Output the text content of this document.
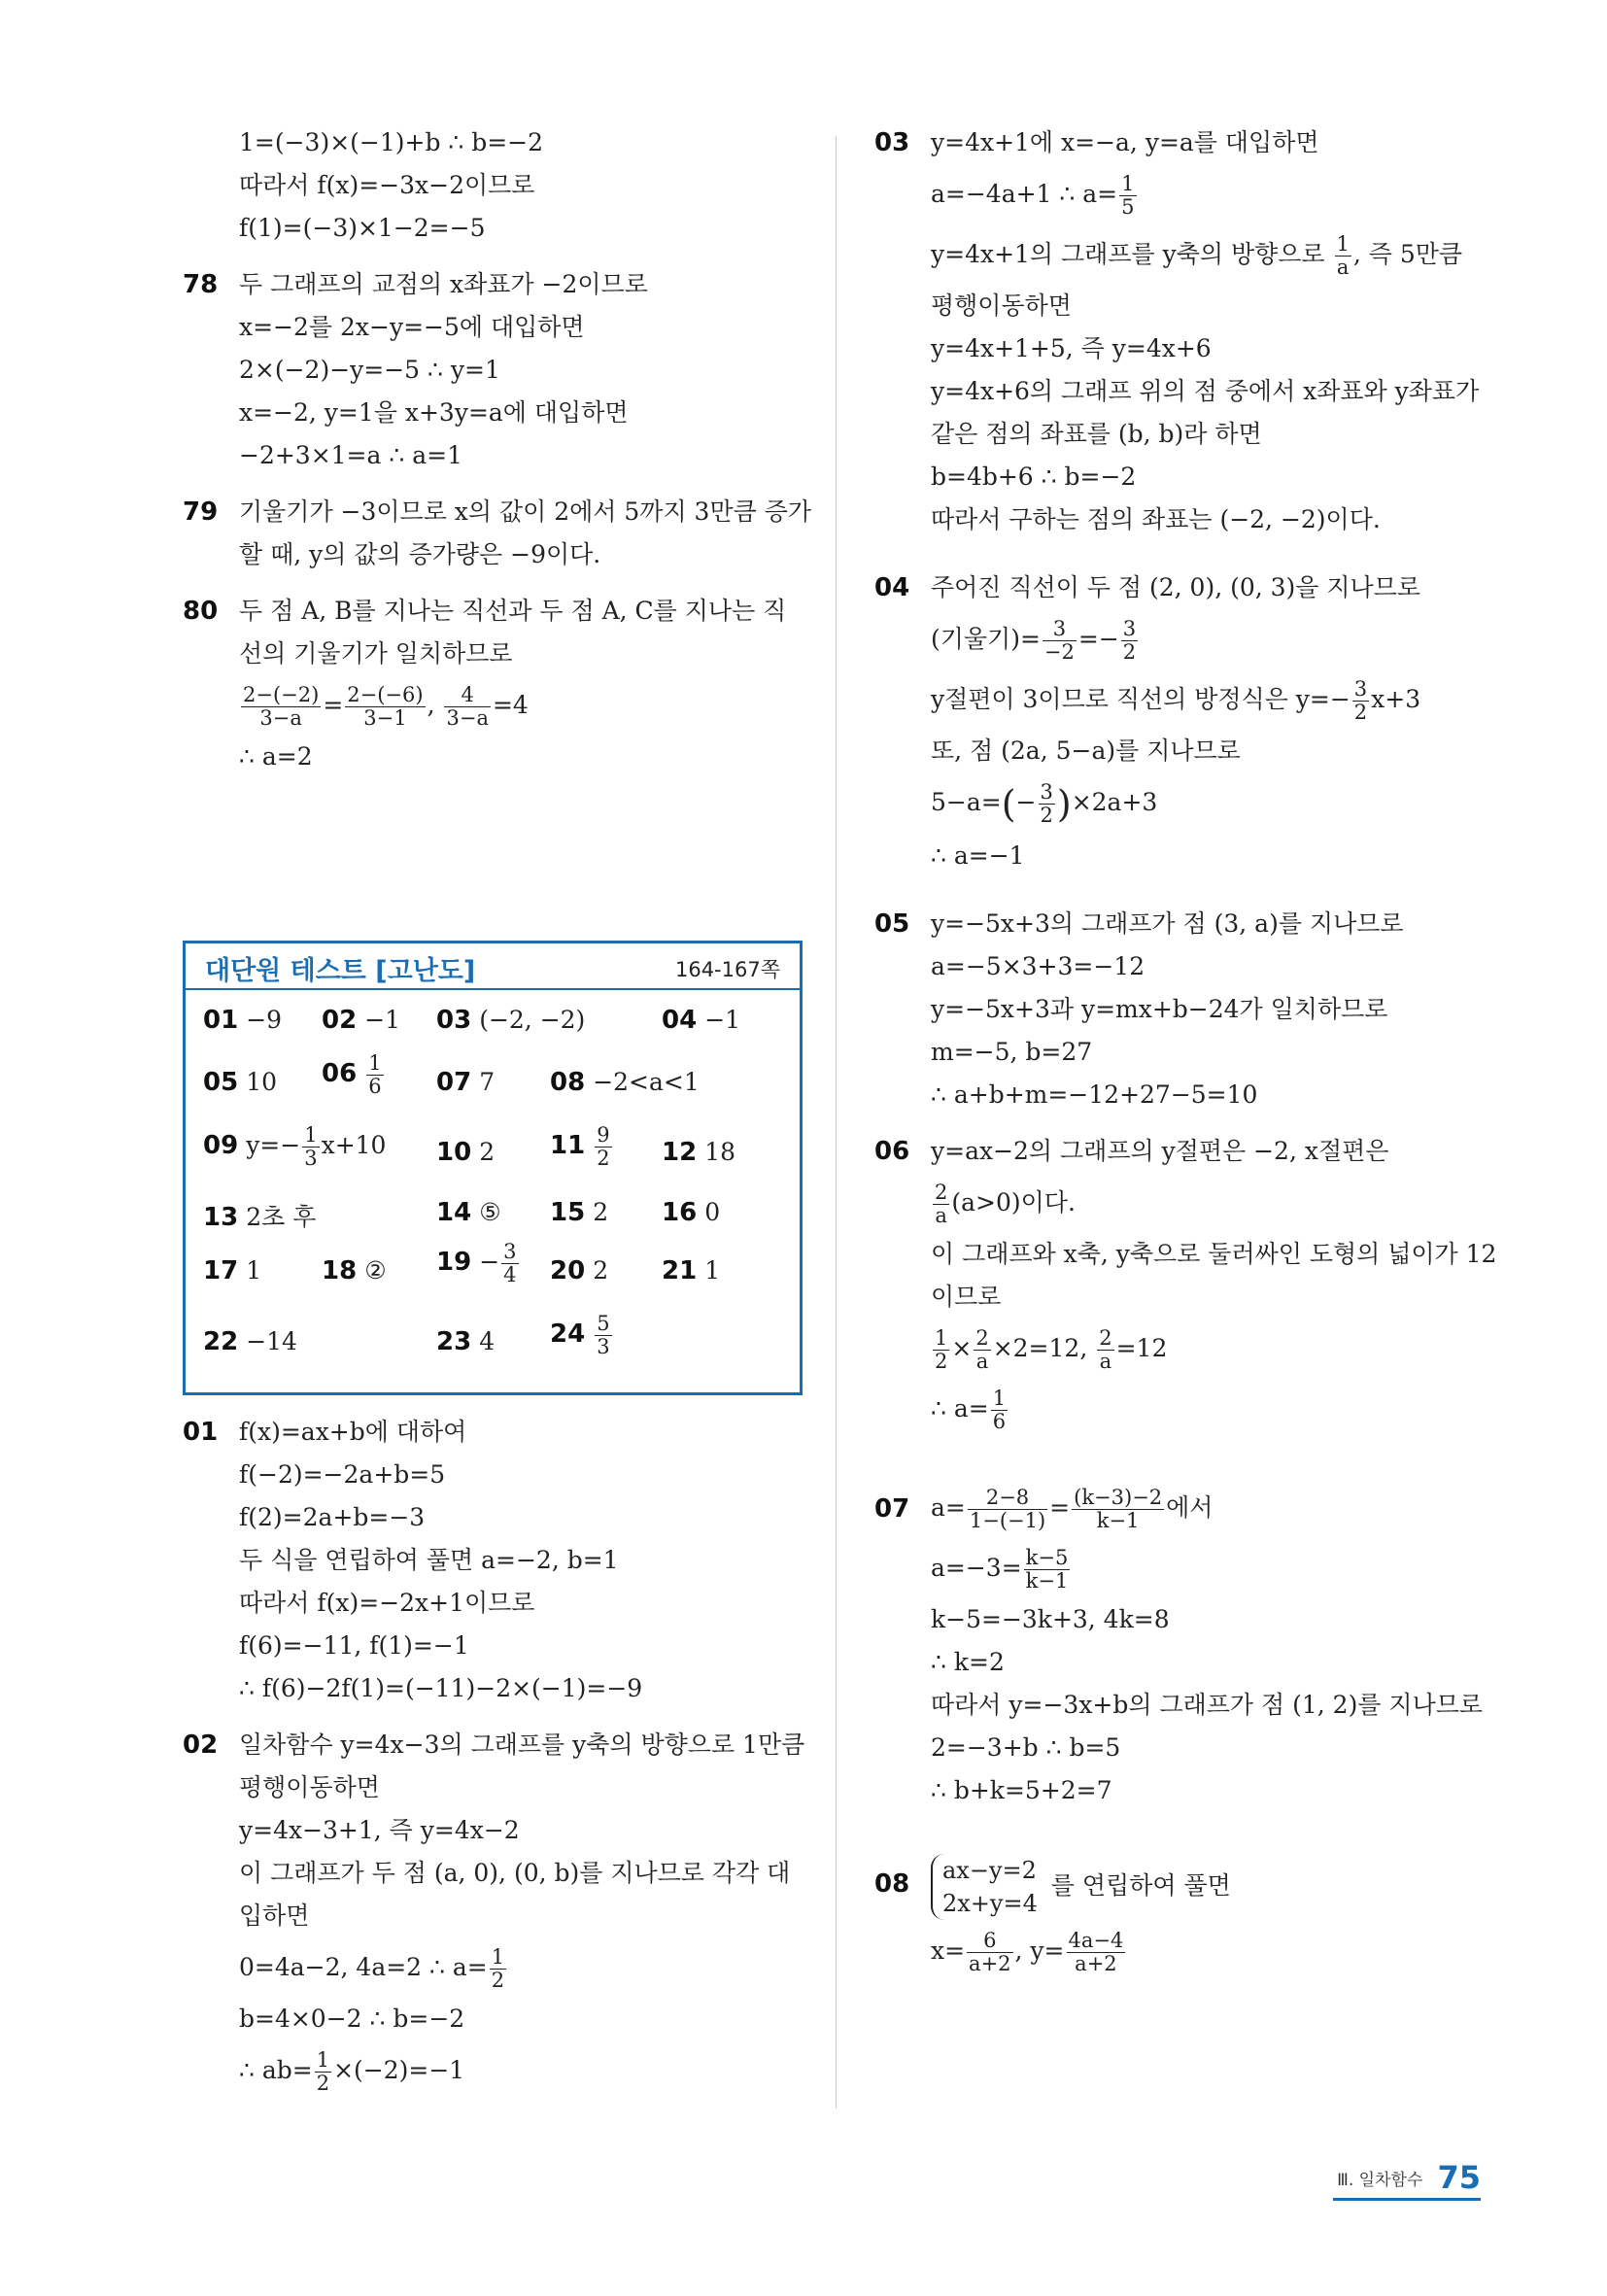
1=(−3)×(−1)+b ∴ b=−2
따라서 f(x)=−3x−2이므로
f(1)=(−3)×1−2=−5
78 두 그래프의 교점의 x좌표가 −2이므로
x=−2를 2x−y=−5에 대입하면
2×(−2)−y=−5 ∴ y=1
x=−2, y=1을 x+3y=a에 대입하면
−2+3×1=a ∴ a=1
79 기울기가 −3이므로 x의 값이 2에서 5까지 3만큼 증가
할 때, y의 값의 증가량은 −9이다.
80 두 점 A, B를 지나는 직선과 두 점 A, C를 지나는 직
선의 기울기가 일치하므로
$\frac{2-(-2)}{3-a} = \frac{2-(-6)}{3-1}$ , $\frac{4}{3-a} =4$
∴ a=2
대단원 테스트 [고난도]	164-167쪽
01 −9 02 −1 03 (−2, −2)	04 −1
05 10 $06 \frac{1}{6} 07$ 7 08 −2<a<1
09 $y=- \frac{1}{3} x+10$ 10 2 $11 \frac{9}{2} 12$ 18
13 2초 후	14 ⑤ 15 2 16 0
17 1 18 ② $19 - \frac{3}{4} 20$ 2 21 1
22 −14	23 4 $24 \frac{5}{3}$
01 f(x)=ax+b에 대하여
f(−2)=−2a+b=5
f(2)=2a+b=−3
두 식을 연립하여 풀면 a=−2, b=1
따라서 f(x)=−2x+1이므로
f(6)=−11, f(1)=−1
∴ f(6)−2f(1)=(−11)−2×(−1)=−9
02 일차함수 y=4x−3의 그래프를 y축의 방향으로 1만큼
평행이동하면
y=4x−3+1, 즉 y=4x−2
이 그래프가 두 점 (a, 0), (0, b)를 지나므로 각각 대
입하면
0=4a−2, 4a=2 ∴ $a= \frac{1}{2}$
b=4×0−2 ∴ b=−2
∴ $ab= \frac{1}{2} \times(-2)=-1$
03 y=4x+1에 x=−a, y=a를 대입하면
a=−4a+1 ∴ $a= \frac{1}{5}$
y=4x+1의 그래프를 y축의 방향으로 $\frac{1}{a}$ , 즉 5만큼
평행이동하면
y=4x+1+5, 즉 y=4x+6
y=4x+6의 그래프 위의 점 중에서 x좌표와 y좌표가
같은 점의 좌표를 (b, b)라 하면
b=4b+6 ∴ b=−2
따라서 구하는 점의 좌표는 (−2, −2)이다.
04 주어진 직선이 두 점 (2, 0), (0, 3)을 지나므로
(기울기)= $\frac{3}{-2} =- \frac{3}{2}$
y절편이 3이므로 직선의 방정식은 $y=- \frac{3}{2} x+3$
또, 점 (2a, 5−a)를 지나므로
$5-a=(- \frac{3}{2} )\times 2a+3$
∴ a=−1
05 y=−5x+3의 그래프가 점 (3, a)를 지나므로
a=−5×3+3=−12
y=−5x+3과 y=mx+b−24가 일치하므로
m=−5, b=27
∴ a+b+m=−12+27−5=10
06 y=ax−2의 그래프의 y절편은 −2, x절편은
$\frac{2}{a} (a>0)$이다.
이 그래프와 x축, y축으로 둘러싸인 도형의 넓이가 12
이므로
$\frac{1}{2} \times \frac{2}{a} \times 2=12$, $\frac{2}{a} =12$
∴ $a= \frac{1}{6}$
07 $a= \frac{2-8}{1-(-1)} = \frac{(k-3)-2}{k-1}$ 에서
$a=-3= \frac{k-5}{k-1}$
k−5=−3k+3, 4k=8
∴ k=2
따라서 y=−3x+b의 그래프가 점 (1, 2)를 지나므로
2=−3+b ∴ b=5
∴ b+k=5+2=7
08 ax−y=2
2x+y=4
를 연립하여 풀면
$x= \frac{6}{a+2}$ , $y= \frac{4a-4}{a+2}$
Ⅲ. 일차함수 75
